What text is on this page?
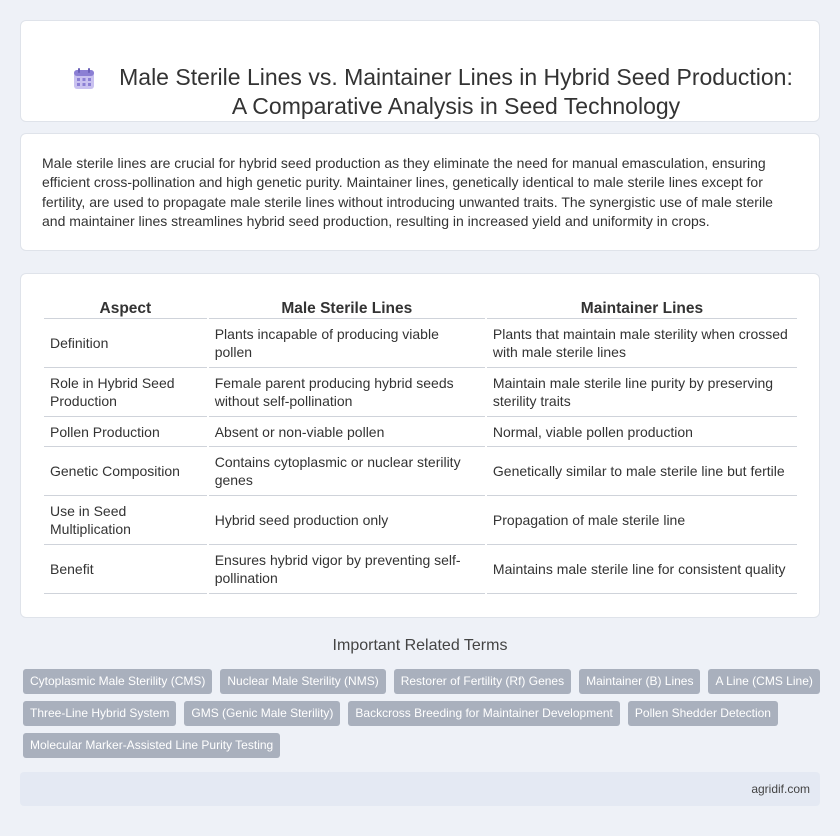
Male Sterile Lines vs. Maintainer Lines in Hybrid Seed Production:
A Comparative Analysis in Seed Technology

Male sterile lines are crucial for hybrid seed production as they eliminate the need for manual emasculation, ensuring efficient cross-pollination and high genetic purity. Maintainer lines, genetically identical to male sterile lines except for fertility, are used to propagate male sterile lines without introducing unwanted traits. The synergistic use of male sterile and maintainer lines streamlines hybrid seed production, resulting in increased yield and uniformity in crops.

Aspect	Male Sterile Lines	Maintainer Lines
Definition	Plants incapable of producing viable pollen	Plants that maintain male sterility when crossed with male sterile lines
Role in Hybrid Seed Production	Female parent producing hybrid seeds without self-pollination	Maintain male sterile line purity by preserving sterility traits
Pollen Production	Absent or non-viable pollen	Normal, viable pollen production
Genetic Composition	Contains cytoplasmic or nuclear sterility genes	Genetically similar to male sterile line but fertile
Use in Seed Multiplication	Hybrid seed production only	Propagation of male sterile line
Benefit	Ensures hybrid vigor by preventing self-pollination	Maintains male sterile line for consistent quality
Important Related Terms
Cytoplasmic Male Sterility (CMS)	Nuclear Male Sterility (NMS)	Restorer of Fertility (Rf) Genes	Maintainer (B) Lines	A Line (CMS Line)
Three-Line Hybrid System	GMS (Genic Male Sterility)	Backcross Breeding for Maintainer Development	Pollen Shedder Detection
Molecular Marker-Assisted Line Purity Testing
agridif.com
